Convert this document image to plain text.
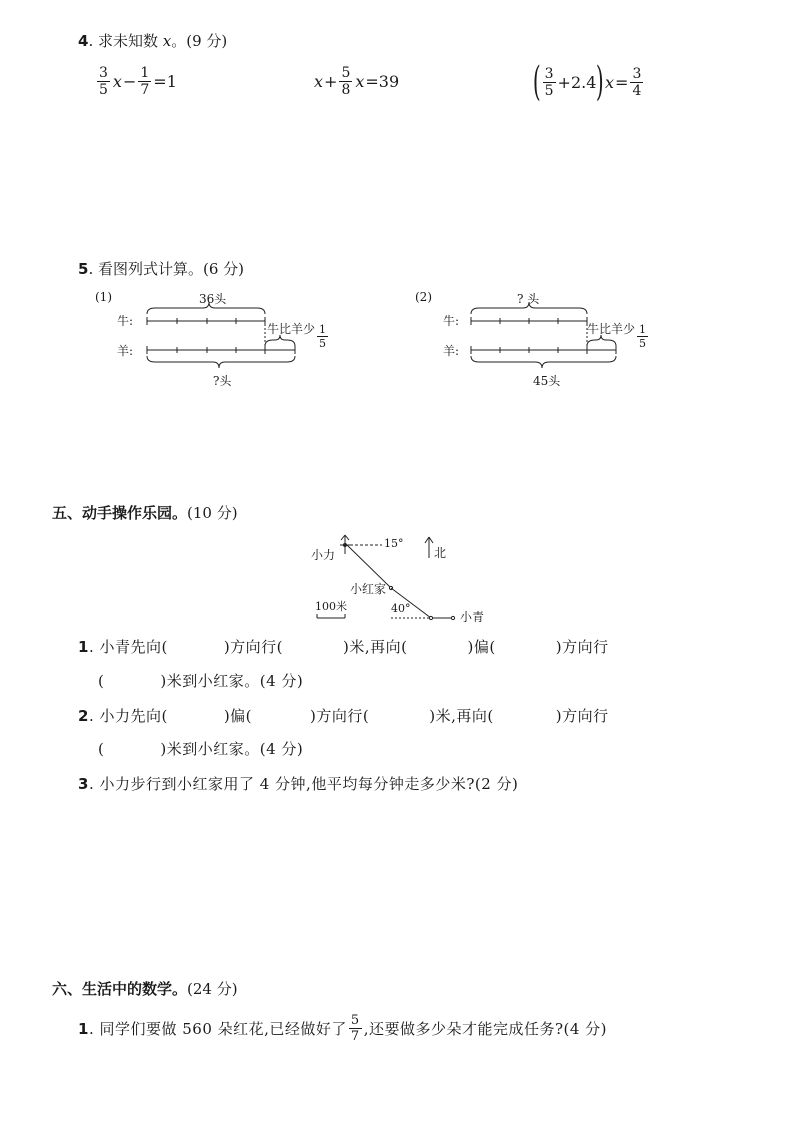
4. 求未知数 x。(9 分)
$\frac{3}{5}$ $x - \frac{1}{7} =1$	$x + \frac{5}{8}$ x =39	( $\frac{3}{5} +2.4$ ) $x = \frac{3}{4}$
5. 看图列式计算。(6 分)
(1)	36头
牛:
羊:
牛比羊少 $\frac{1}{5}$
?头
(2)	? 头
牛:
羊:
牛比羊少 $\frac{1}{5}$
45头
五、动手操作乐园。(10 分)
小力
15°
北
小红家
40°
小青
100米
1. 小青先向(	)方向行(	)米,再向(	)偏(	)方向行
(	)米到小红家。(4 分)
2. 小力先向(	)偏(	)方向行(	)米,再向(	)方向行
(	)米到小红家。(4 分)
3. 小力步行到小红家用了 4 分钟,他平均每分钟走多少米?(2 分)
六、生活中的数学。(24 分)
1 . 同学们要做 560 朵红花,已经做好了 $\frac{5}{7}$ ,还要做多少朵才能完成任务?(4 分)
